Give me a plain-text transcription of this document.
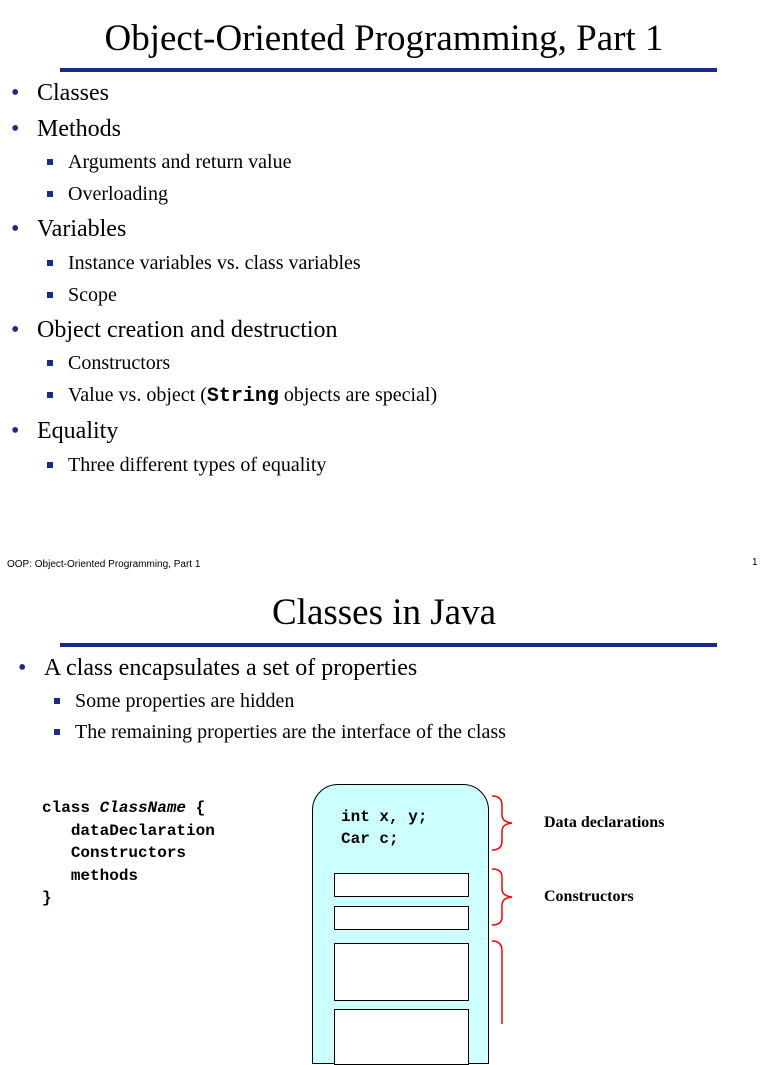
Object-Oriented Programming, Part 1
• Classes
• Methods
Arguments and return value
Overloading
• Variables
Instance variables vs. class variables
Scope
• Object creation and destruction
Constructors
Value vs. object (String objects are special)
• Equality
Three different types of equality
OOP: Object-Oriented Programming, Part 1	1
Classes in Java
• A class encapsulates a set of properties
Some properties are hidden
The remaining properties are the interface of the class
class ClassName {
dataDeclaration
Constructors
methods
}
int x, y;
Car c;
Data declarations
Constructors
